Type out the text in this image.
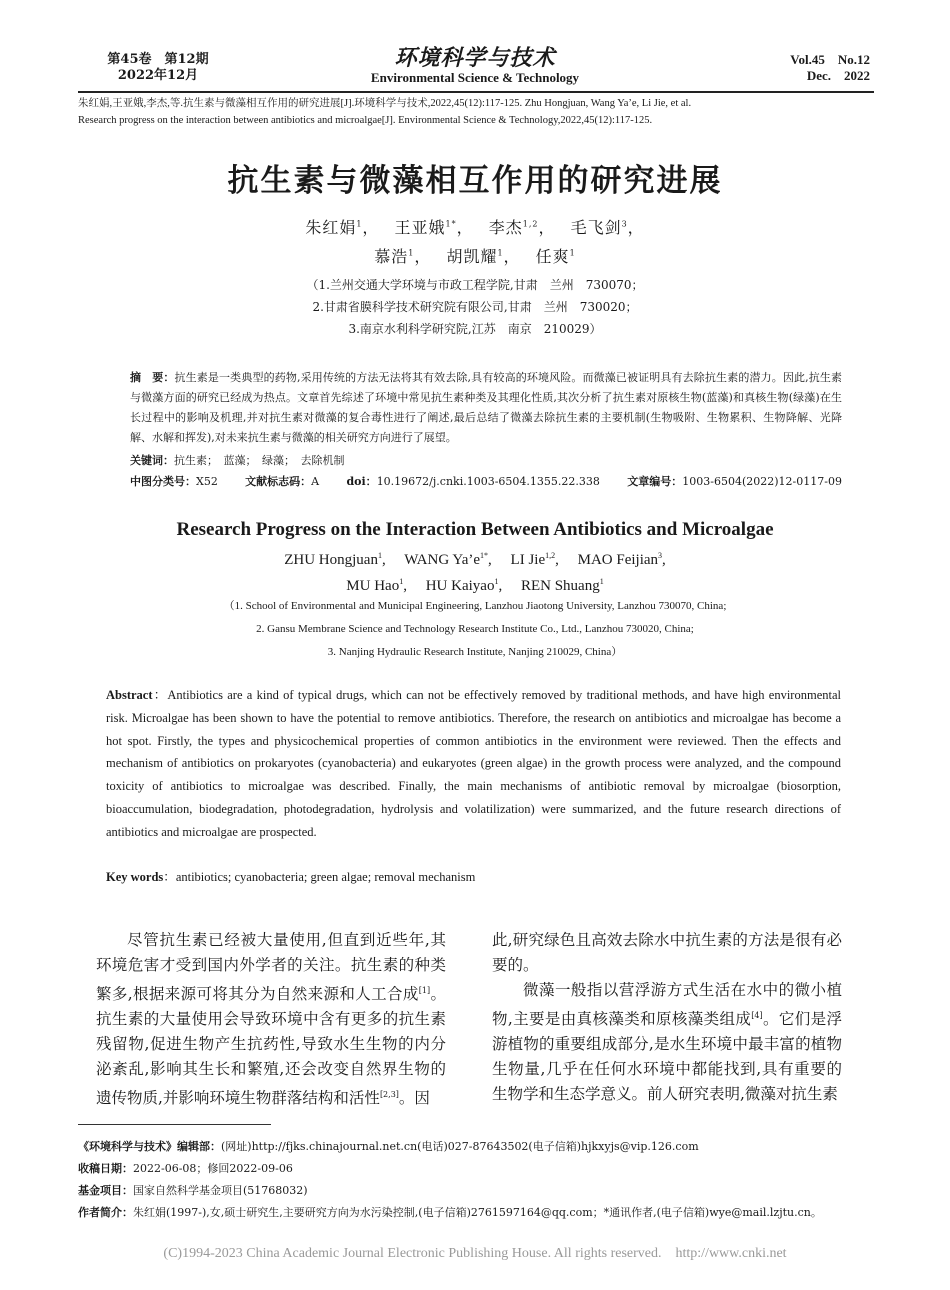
第45卷　第12期
2022年12月
环境科学与技术
Environmental Science & Technology
Vol.45　No.12
Dec.　2022
朱红娟,王亚娥,李杰,等.抗生素与微藻相互作用的研究进展[J].环境科学与技术,2022,45(12):117-125. Zhu Hongjuan, Wang Ya’e, Li Jie, et al.
Research progress on the interaction between antibiotics and microalgae[J]. Environmental Science & Technology,2022,45(12):117-125.
抗生素与微藻相互作用的研究进展
朱红娟$^1$，　 王亚娥$^{1*}$，　 李杰$^{1,2}$，　 毛飞剑$^3$，
慕浩$^1$，　 胡凯耀$^1$，　 任爽$^1$
（1.兰州交通大学环境与市政工程学院,甘肃　兰州　730070；
2.甘肃省膜科学技术研究院有限公司,甘肃　兰州　730020；
3.南京水利科学研究院,江苏　南京　210029）
摘　要：抗生素是一类典型的药物,采用传统的方法无法将其有效去除,具有较高的环境风险。而微藻已被证明具有去除抗生素的潜力。因此,抗生素与微藻方面的研究已经成为热点。文章首先综述了环境中常见抗生素种类及其理化性质,其次分析了抗生素对原核生物(蓝藻)和真核生物(绿藻)在生长过程中的影响及机理,并对抗生素对微藻的复合毒性进行了阐述,最后总结了微藻去除抗生素的主要机制(生物吸附、生物累积、生物降解、光降解、水解和挥发),对未来抗生素与微藻的相关研究方向进行了展望。
关键词：抗生素；　蓝藻；　绿藻；　去除机制
中图分类号：X52 文献标志码：A doi：10.19672/j.cnki.1003-6504.1355.22.338 文章编号：1003-6504(2022)12-0117-09
Research Progress on the Interaction Between Antibiotics and Microalgae
ZHU Hongjuan$^1$,　 WANG $Ya’e^{1*}$,　 LI Jie$^{1,2}$,　 MAO Feijian$^3$,
MU Hao$^1$,　 HU Kaiyao$^1$,　 REN Shuang$^1$
（1. School of Environmental and Municipal Engineering, Lanzhou Jiaotong University, Lanzhou 730070, China;
2. Gansu Membrane Science and Technology Research Institute Co., Ltd., Lanzhou 730020, China;
3. Nanjing Hydraulic Research Institute, Nanjing 210029, China）
Abstract：Antibiotics are a kind of typical drugs, which can not be effectively removed by traditional methods, and have high environmental risk. Microalgae has been shown to have the potential to remove antibiotics. Therefore, the research on antibiotics and microalgae has become a hot spot. Firstly, the types and physicochemical properties of common antibiotics in the environment were reviewed. Then the effects and mechanism of antibiotics on prokaryotes (cyanobacteria) and eukaryotes (green algae) in the growth process were analyzed, and the compound toxicity of antibiotics to microalgae was described. Finally, the main mechanisms of antibiotic removal by microalgae (biosorption, bioaccumulation, biodegradation, photodegradation, hydrolysis and volatilization) were summarized, and the future research directions of antibiotics and microalgae are prospected.
Key words：antibiotics; cyanobacteria; green algae; removal mechanism

尽管抗生素已经被大量使用,但直到近些年,其环境危害才受到国内外学者的关注。抗生素的种类繁多,根据来源可将其分为自然来源和人工合成[1]。抗生素的大量使用会导致环境中含有更多的抗生素残留物,促进生物产生抗药性,导致水生生物的内分泌紊乱,影响其生长和繁殖,还会改变自然界生物的遗传物质,并影响环境生物群落结构和活性[2,3]。因

此,研究绿色且高效去除水中抗生素的方法是很有必要的。

微藻一般指以营浮游方式生活在水中的微小植物,主要是由真核藻类和原核藻类组成[4]。它们是浮游植物的重要组成部分,是水生环境中最丰富的植物生物量,几乎在任何水环境中都能找到,具有重要的生物学和生态学意义。前人研究表明,微藻对抗生素

《环境科学与技术》编辑部：(网址)http://fjks.chinajournal.net.cn(电话)027-87643502(电子信箱)hjkxyjs@vip.126.com
收稿日期：2022-06-08；修回2022-09-06
基金项目：国家自然科学基金项目(51768032)
作者简介：朱红娟(1997-),女,硕士研究生,主要研究方向为水污染控制,(电子信箱)2761597164@qq.com；*通讯作者,(电子信箱)wye@mail.lzjtu.cn。
(C)1994-2023 China Academic Journal Electronic Publishing House. All rights reserved.　http://www.cnki.net
